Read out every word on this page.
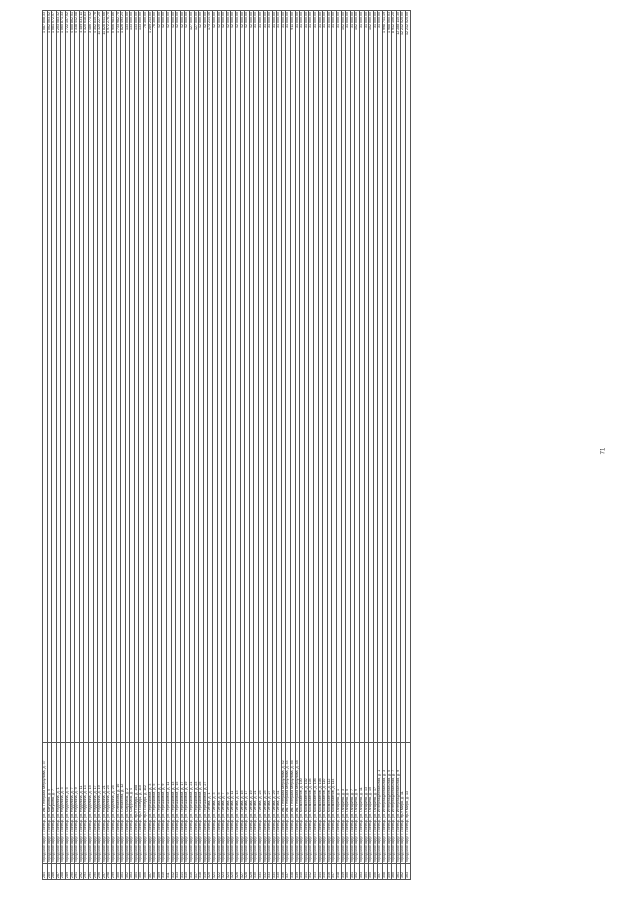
284	городской округ г. Липецк, ул. им. Генерала Меркулова, д. 37	1 087 808,33
285	городской округ г. Липецк, ул. Катукова, д. 5	1 062 563,52
286	городской округ г. Липецк, ул. Катукова, д. 7	1 081 072,57
287	городской округ г. Липецк, ул. Неделина, д. 1	4 203 583,32
288	городской округ г. Липецк, ул. Неделина, д. 3	1 065 871,33
289	городской округ г. Липецк, ул. Неделина, д. 5	1 722 157,52
290	городской округ г. Липецк, ул. Неделина, д. 7	4 500 862,51
291	городской округ г. Липецк, ул. Неделина, д. 9	4 338 442,08
292	городской округ г. Липецк, ул. Неделина, д. 11	4 489 831,11
293	городской округ г. Липецк, ул. Неделина, д. 13	4 320 618,83
294	городской округ г. Липецк, ул. Неделина, д. 15	3 486 773,42
295	городской округ г. Липецк, ул. Неделина, д. 17	4 352 815,76
296	городской округ г. Липецк, ул. Неделина, д. 19	11 320 227,25
297	городской округ г. Липецк, ул. Неделина, д. 21	11 828 641,66
298	городской округ г. Липецк, ул. Неделина, д. 23	5 972 276,70
299	городской округ г. Липецк, ул. Неделина, д. 25	5 906 983,86
300	городской округ г. Липецк, ул. Плеханова, д. 10	1 733 982,70
301	городской округ г. Липецк, ул. Плеханова, д. 12	1 826 493,24
302	городской округ г. Липецк, ул. Смургиса, д. 2	133 000,00
303	городской округ г. Липецк, ул. Смургиса, д. 4	133 000,00
304	городской округ г. Липецк, пр-т Победы, д. 108	133 000,00
305	городской округ г. Липецк, пр-т Победы, д. 110	133 000,00
306	городской округ г. Липецк, пр-т Победы, д. 112	76 300,00
307	городской округ г. Липецк, ул. Терешковой, д. 3	1 289 243,00
308	городской округ г. Липецк, ул. Терешковой, д. 5	76 300,00
309	городской округ г. Липецк, ул. Терешковой, д. 7	42 500,00
310	городской округ г. Липецк, ул. Терешковой, д. 9	42 500,00
311	городской округ г. Липецк, ул. Терешковой, д. 11	42 500,00
312	городской округ г. Липецк, ул. Терешковой, д. 13	42 500,00
313	городской округ г. Липецк, ул. Терешковой, д. 15	42 500,00
314	городской округ г. Липецк, ул. Терешковой, д. 17	42 500,00
315	городской округ г. Липецк, ул. Терешковой, д. 19	42 500,00
316	городской округ г. Липецк, ул. Терешковой, д. 21	127 500,00
317	городской округ г. Липецк, ул. Терешковой, д. 23	127 500,00
318	городской округ г. Липецк, ул. Терешковой, д. 25	42 500,00
319	городской округ г. Липецк, ул. Терешковой, д. 27	42 500,00
320	городской округ г. Липецк, ул. Титова, д. 1	173 214,46
321	городской округ г. Липецк, ул. Титова, д. 3	42 500,00
322	городской округ г. Липецк, ул. Титова, д. 5	42 500,00
323	городской округ г. Липецк, ул. Титова, д. 7	42 500,00
324	городской округ г. Липецк, ул. Титова, д. 9	42 500,00
325	городской округ г. Липецк, ул. Титова, д. 11	42 500,00
326	городской округ г. Липецк, ул. Титова, д. 13	42 500,00
327	городской округ г. Липецк, ул. Титова, д. 15	42 500,00
328	городской округ г. Липецк, ул. Титова, д. 17	42 500,00
329	городской округ г. Липецк, ул. Титова, д. 19	42 500,00
330	городской округ г. Липецк, ул. Титова, д. 21	31 000,00
331	городской округ г. Липецк, ул. Титова, д. 23	31 000,00
332	городской округ г. Липецк, ул. Титова, д. 25	31 000,00
333	городской округ г. Липецк, ул. Титова, д. 27	31 000,00
334	городской округ г. Липецк, ул. Титова, д. 29	31 000,00
335	городской округ г. Липецк, ул. Титова, д. 31	31 000,00
336	городской округ г. Липецк, ул. им. Генерала Меркулова, д. 42	31 000,00
337	городской округ г. Липецк, ул. им. Генерала Меркулова, д. 44	31 000,00
338	городской округ г. Липецк, ул. им. Генерала Меркулова, д. 46	911 000,00
339	городской округ г. Липецк, ул. им. Генерала Меркулова, д. 48	31 000,00
340	городской округ г. Липецк, ул. Космонавтов, д. 100	31 000,00
341	городской округ г. Липецк, ул. Космонавтов, д. 102	31 000,00
342	городской округ г. Липецк, ул. Космонавтов, д. 104	31 000,00
343	городской округ г. Липецк, ул. Космонавтов, д. 106	31 000,00
344	городской округ г. Липецк, ул. Космонавтов, д. 108	31 000,00
345	городской округ г. Липецк, ул. Космонавтов, д. 110	31 000,00
346	городской округ г. Липецк, ул. Космонавтов, д. 112	31 000,00
347	городской округ г. Липецк, ул. Космонавтов, д. 114	31 000,00
348	городской округ г. Липецк, ул. Гагарина, д. 1	31 000,00
349	городской округ г. Липецк, ул. Гагарина, д. 3	102 000,00
350	городской округ г. Липецк, ул. Гагарина, д. 5	31 000,00
351	городской округ г. Липецк, ул. Гагарина, д. 7	31 000,00
352	городской округ г. Липецк, ул. Гагарина, д. 9	102 000,00
353	городской округ г. Липецк, ул. Гагарина, д. 11	31 000,00
354	городской округ г. Липецк, ул. Гагарина, д. 13	31 000,00
355	городской округ г. Липецк, ул. Гагарина, д. 15	102 000,00
356	городской округ г. Липецк, ул. Гагарина, д. 17	31 000,00
357	городской округ г. Липецк, ул. Интернациональная, д. 1	31 000,00
358	городской округ г. Липецк, ул. Интернациональная, д. 3	1 998 741,19
359	городской округ г. Липецк, ул. Интернациональная, д. 5	1 988 560,03
360	городской округ г. Липецк, ул. Интернациональная, д. 7	8 912 106,20
361	городской округ г. Липецк, ул. Интернациональная, д. 9	12 288 115,30
362	городской округ г. Липецк, пр-т Мира, д. 11	12 212 525,00
363	городской округ г. Липецк, пр-т Мира, д. 13	12 212 525,00
71
